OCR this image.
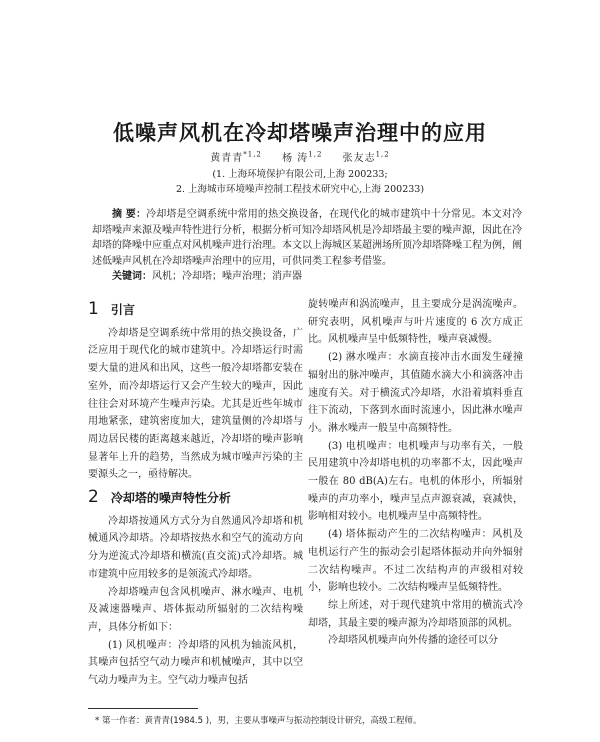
低噪声风机在冷却塔噪声治理中的应用
黄青青$^{*1,2}$ 杨 涛$^{1,2}$ 张友志$^{1,2}$
(1. 上海环境保护有限公司,上海 200233;
2. 上海城市环境噪声控制工程技术研究中心,上海 200233)
摘 要：冷却塔是空调系统中常用的热交换设备，在现代化的城市建筑中十分常见。本文对冷却塔噪声来源及噪声特性进行分析，根据分析可知冷却塔风机是冷却塔最主要的噪声源，因此在冷却塔的降噪中应重点对风机噪声进行治理。本文以上海城区某超洲场所顶冷却塔降噪工程为例，阐述低噪声风机在冷却塔噪声治理中的应用，可供同类工程参考借鉴。
关键词：风机；冷却塔；噪声治理；消声器
1 引言

冷却塔是空调系统中常用的热交换设备，广泛应用于现代化的城市建筑中。冷却塔运行时需要大量的进风和出风，这些一般冷却塔都安装在室外，而冷却塔运行又会产生较大的噪声，因此往往会对环境产生噪声污染。尤其是近些年城市用地紧张，建筑密度加大，建筑量侧的冷却塔与周边居民楼的距离越来越近，冷却塔的噪声影响显著年上升的趋势，当然成为城市噪声污染的主要源头之一，亟待解决。

2 冷却塔的噪声特性分析

冷却塔按通风方式分为自然通风冷却塔和机械通风冷却塔。冷却塔按热水和空气的流动方向分为逆流式冷却塔和横流(直交流)式冷却塔。城市建筑中应用较多的是领流式冷却塔。

冷却塔噪声包含风机噪声、淋水噪声、电机及减速器噪声、塔体振动所辐射的二次结构噪声，具体分析如下：

(1) 风机噪声：冷却塔的风机为轴流风机，其噪声包括空气动力噪声和机械噪声，其中以空气动力噪声为主。空气动力噪声包括

旋转噪声和涡流噪声，且主要成分是涡流噪声。研究表明，风机噪声与叶片速度的 6 次方成正比。风机噪声呈中低频特性，噪声衰减慢。

(2) 淋水噪声：水滴直接冲击水面发生碰撞辐射出的脉冲噪声，其值随水滴大小和滴落冲击速度有关。对于横流式冷却塔，水沿着填料垂直往下流动，下落到水面时流速小，因此淋水噪声小。淋水噪声一般呈中高频特性。

(3) 电机噪声：电机噪声与功率有关，一般民用建筑中冷却塔电机的功率都不太，因此噪声一般在 80 dB(A)左右。电机的体形小，所辐射噪声的声功率小，噪声呈点声源衰减，衰减快，影响相对较小。电机噪声呈中高频特性。

(4) 塔体振动产生的二次结构噪声：风机及电机运行产生的振动会引起塔体振动并向外辐射二次结构噪声。不过二次结构声的声级相对较小，影响也较小。二次结构噪声呈低频特性。

综上所述，对于现代建筑中常用的横流式冷却塔，其最主要的噪声源为冷却塔顶部的风机。

冷却塔风机噪声向外传播的途径可以分

* 第一作者：黄青青(1984.5 )，男，主要从事噪声与振动控制设计研究，高级工程师。
